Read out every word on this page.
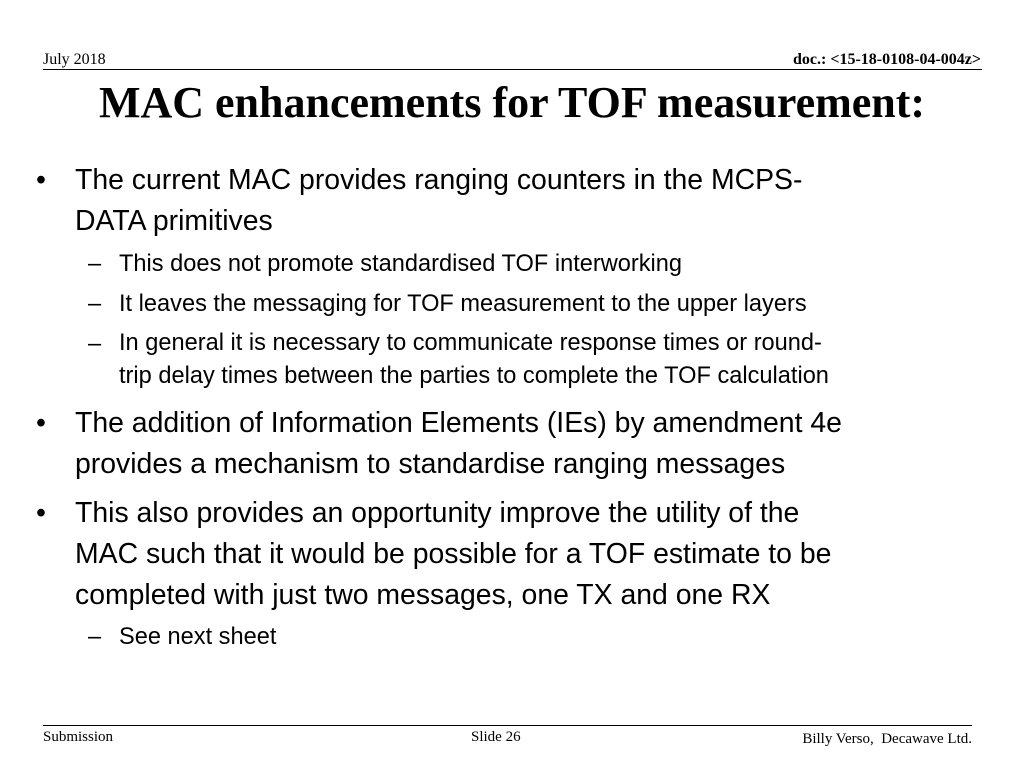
July 2018	doc.: <15-18-0108-04-004z>
MAC enhancements for TOF measurement:
• The current MAC provides ranging counters in the MCPS-
DATA primitives
– This does not promote standardised TOF interworking
– It leaves the messaging for TOF measurement to the upper layers
– In general it is necessary to communicate response times or round-
trip delay times between the parties to complete the TOF calculation
• The addition of Information Elements (IEs) by amendment 4e
provides a mechanism to standardise ranging messages
• This also provides an opportunity improve the utility of the
MAC such that it would be possible for a TOF estimate to be
completed with just two messages, one TX and one RX
– See next sheet
Submission	Slide 26	Billy Verso,  Decawave Ltd.
